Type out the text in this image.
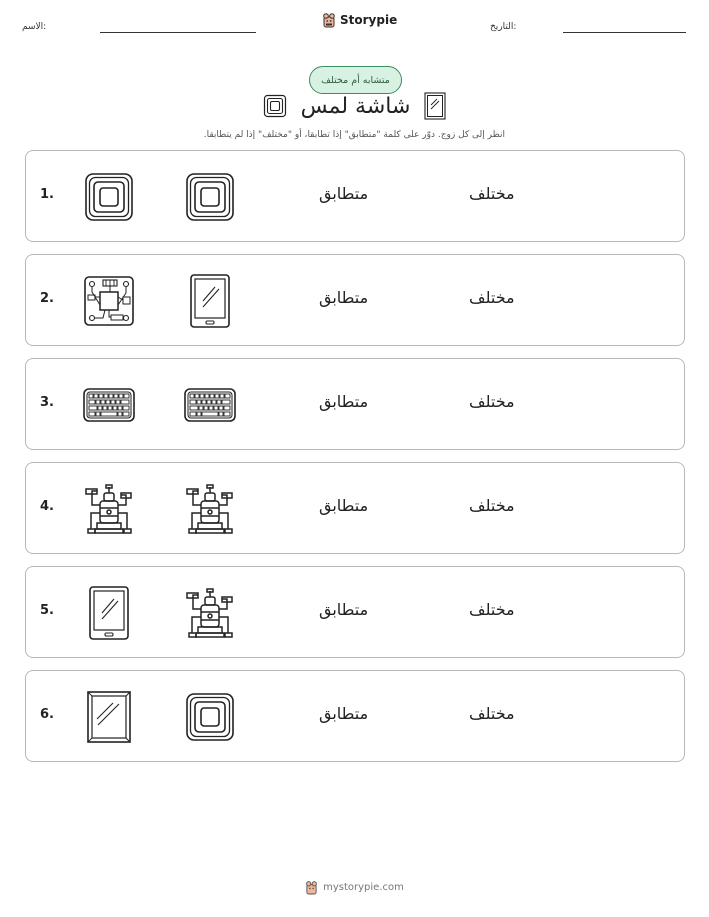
الاسم:	التاريخ:
Storypie
متشابه أم مختلف
شاشة لمس
انظر إلى كل زوج. دوّر على كلمة "متطابق" إذا تطابقا، أو "مختلف" إذا لم يتطابقا.
1.	متطابق	مختلف
2.	متطابق	مختلف
3.	متطابق	مختلف
4.	متطابق	مختلف
5.	متطابق	مختلف
6.	متطابق	مختلف
mystorypie.com
